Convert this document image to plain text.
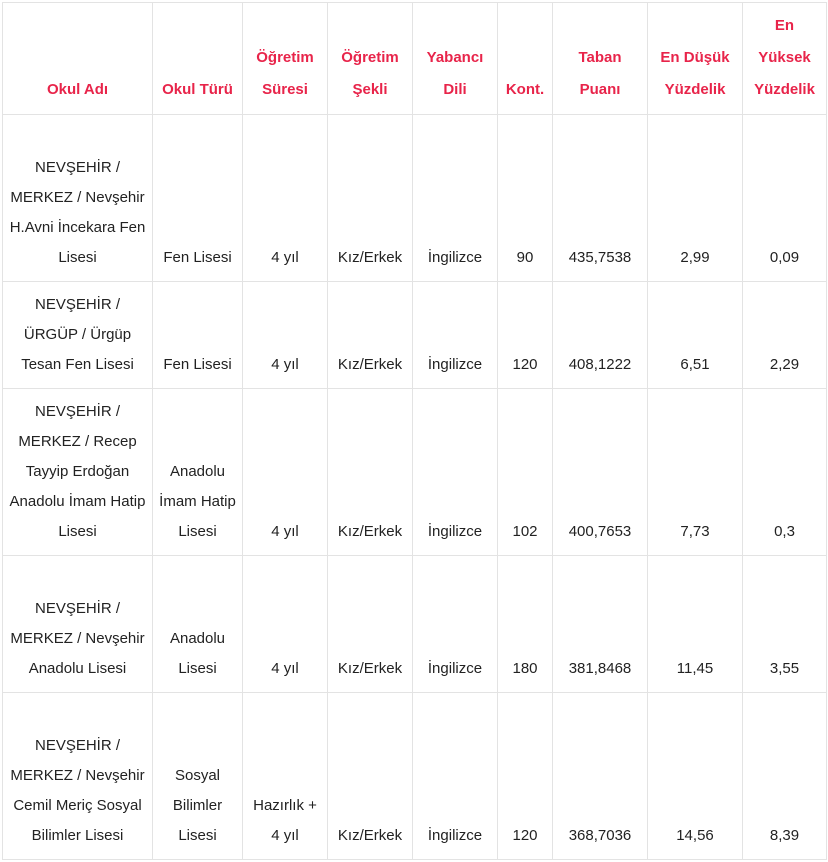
Okul Adı	Okul Türü	Öğretim Süresi	Öğretim Şekli	Yabancı Dili	Kont.	Taban Puanı	En Düşük Yüzdelik	En Yüksek Yüzdelik
NEVŞEHİR / MERKEZ / Nevşehir H.Avni İncekara Fen Lisesi	Fen Lisesi	4 yıl	Kız/Erkek	İngilizce	90	435,7538	2,99	0,09
NEVŞEHİR / ÜRGÜP / Ürgüp Tesan Fen Lisesi	Fen Lisesi	4 yıl	Kız/Erkek	İngilizce	120	408,1222	6,51	2,29
NEVŞEHİR / MERKEZ / Recep Tayyip Erdoğan Anadolu İmam Hatip Lisesi	Anadolu İmam Hatip Lisesi	4 yıl	Kız/Erkek	İngilizce	102	400,7653	7,73	0,3
NEVŞEHİR / MERKEZ / Nevşehir Anadolu Lisesi	Anadolu Lisesi	4 yıl	Kız/Erkek	İngilizce	180	381,8468	11,45	3,55
NEVŞEHİR / MERKEZ / Nevşehir Cemil Meriç Sosyal Bilimler Lisesi	Sosyal Bilimler Lisesi	Hazırlık + 4 yıl	Kız/Erkek	İngilizce	120	368,7036	14,56	8,39
